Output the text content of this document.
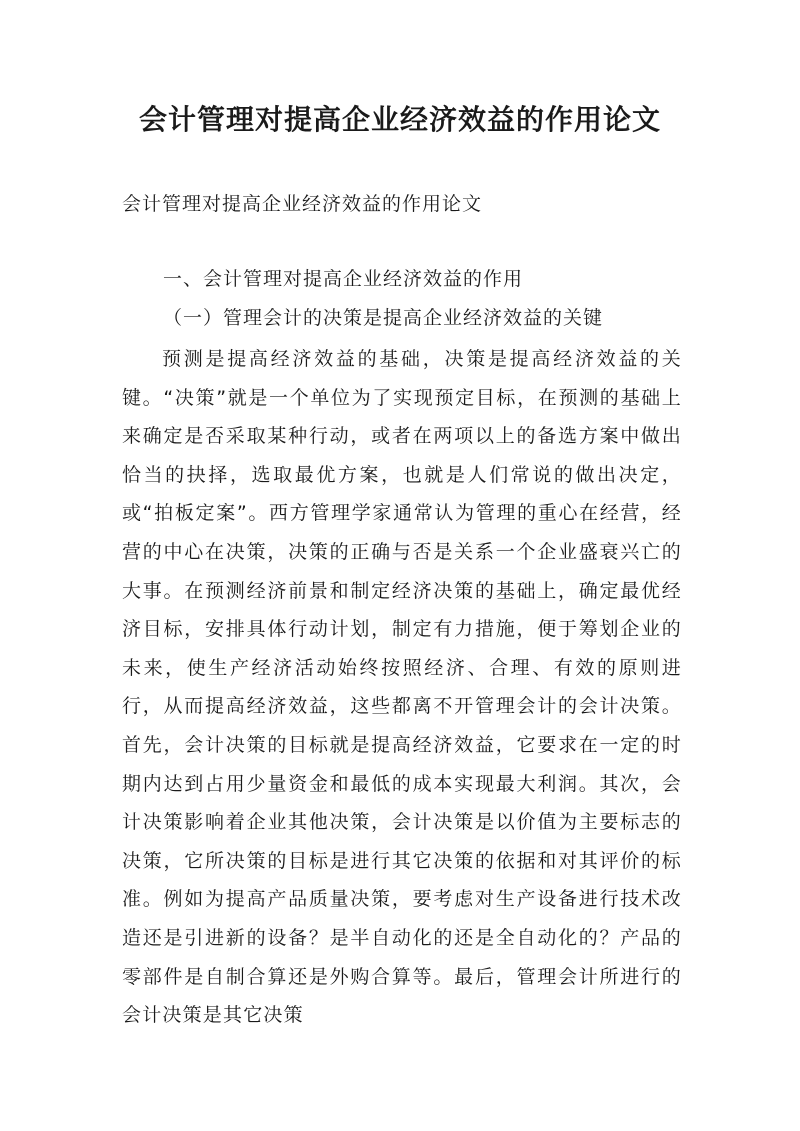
会计管理对提高企业经济效益的作用论文
会计管理对提高企业经济效益的作用论文
一、会计管理对提高企业经济效益的作用
（一）管理会计的决策是提高企业经济效益的关键

预测是提高经济效益的基础，决策是提高经济效益的关键。“决策”就是一个单位为了实现预定目标，在预测的基础上来确定是否采取某种行动，或者在两项以上的备选方案中做出恰当的抉择，选取最优方案，也就是人们常说的做出决定，或“拍板定案”。西方管理学家通常认为管理的重心在经营，经营的中心在决策，决策的正确与否是关系一个企业盛衰兴亡的大事。在预测经济前景和制定经济决策的基础上，确定最优经济目标，安排具体行动计划，制定有力措施，便于筹划企业的未来，使生产经济活动始终按照经济、合理、有效的原则进行，从而提高经济效益，这些都离不开管理会计的会计决策。首先，会计决策的目标就是提高经济效益，它要求在一定的时期内达到占用少量资金和最低的成本实现最大利润。其次，会计决策影响着企业其他决策，会计决策是以价值为主要标志的决策，它所决策的目标是进行其它决策的依据和对其评价的标准。例如为提高产品质量决策，要考虑对生产设备进行技术改造还是引进新的设备？是半自动化的还是全自动化的？产品的零部件是自制合算还是外购合算等。最后，管理会计所进行的会计决策是其它决策
